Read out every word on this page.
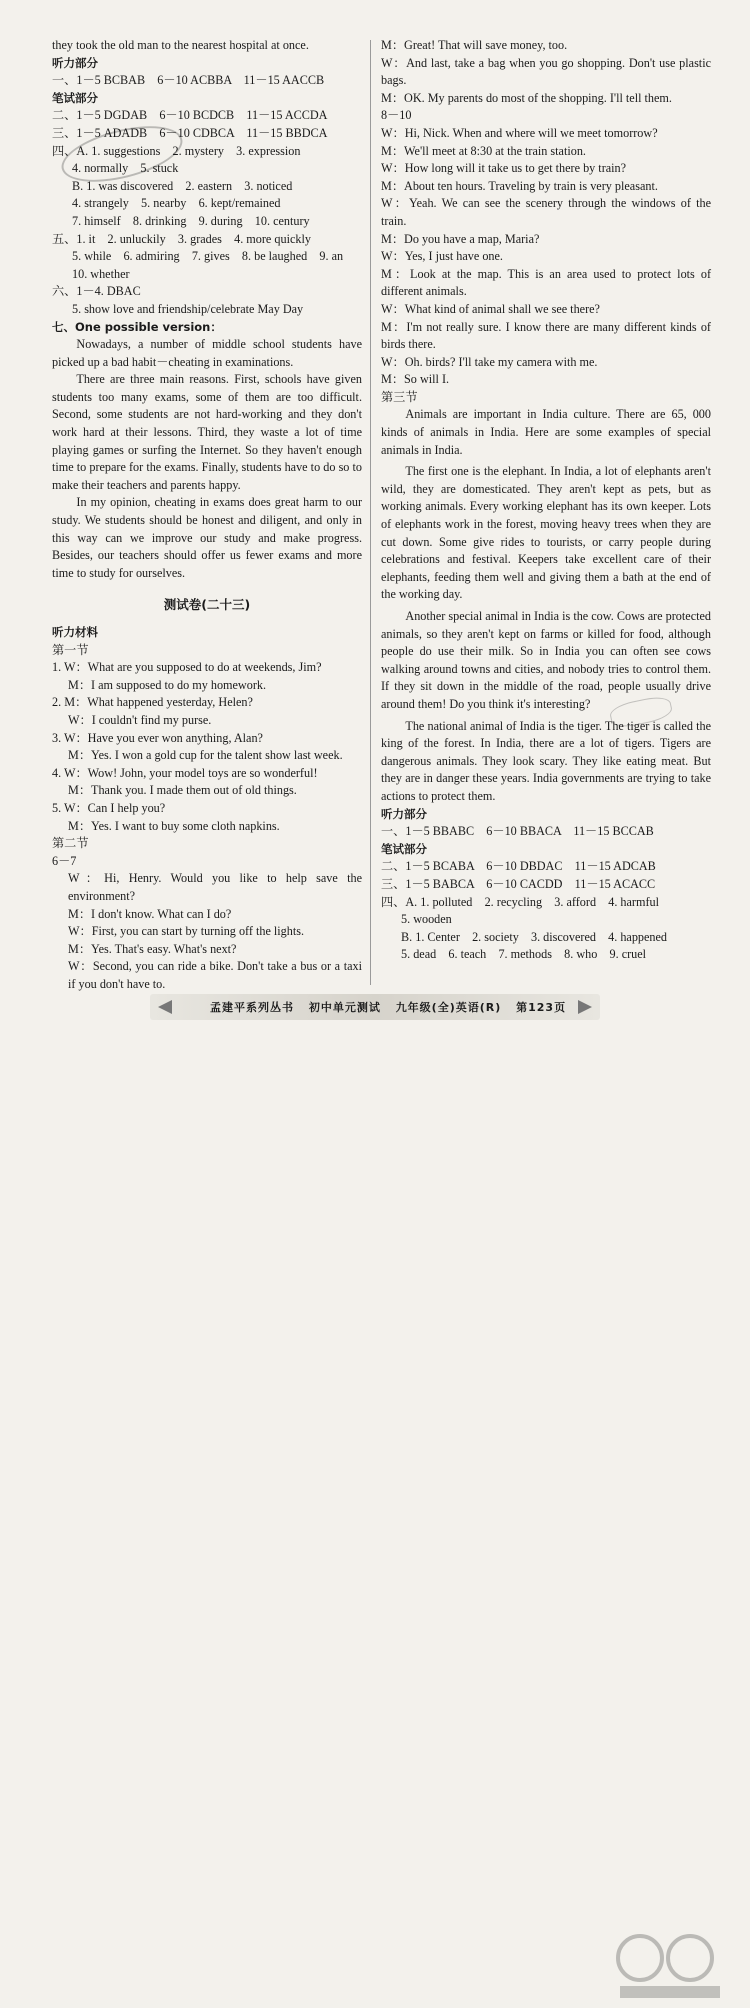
they took the old man to the nearest hospital at once.
听力部分
一、1－5 BCBAB　6－10 ACBBA　11－15 AACCB
笔试部分
二、1－5 DGDAB　6－10 BCDCB　11－15 ACCDA
三、1－5 ADADB　6－10 CDBCA　11－15 BBDCA
四、A. 1. suggestions　2. mystery　3. expression
4. normally　5. stuck
B. 1. was discovered　2. eastern　3. noticed
4. strangely　5. nearby　6. kept/remained
7. himself　8. drinking　9. during　10. century
五、1. it　2. unluckily　3. grades　4. more quickly
5. while　6. admiring　7. gives　8. be laughed　9. an
10. whether
六、1－4. DBAC
5. show love and friendship/celebrate May Day
七、One possible version：

Nowadays, a number of middle school students have picked up a bad habit－cheating in examinations.

There are three main reasons. First, schools have given students too many exams, some of them are too difficult. Second, some students are not hard-working and they don't work hard at their lessons. Third, they waste a lot of time playing games or surfing the Internet. So they haven't enough time to prepare for the exams. Finally, students have to do so to make their teachers and parents happy.

In my opinion, cheating in exams does great harm to our study. We students should be honest and diligent, and only in this way can we improve our study and make progress. Besides, our teachers should offer us fewer exams and more time to study for ourselves.

测试卷(二十三)
听力材料
第一节
1. W：What are you supposed to do at weekends, Jim?
M：I am supposed to do my homework.
2. M：What happened yesterday, Helen?
W：I couldn't find my purse.
3. W：Have you ever won anything, Alan?
M：Yes. I won a gold cup for the talent show last week.
4. W：Wow! John, your model toys are so wonderful!
M：Thank you. I made them out of old things.
5. W：Can I help you?
M：Yes. I want to buy some cloth napkins.
第二节
6－7
W：Hi, Henry. Would you like to help save the environment?
M：I don't know. What can I do?
W：First, you can start by turning off the lights.
M：Yes. That's easy. What's next?
W：Second, you can ride a bike. Don't take a bus or a taxi if you don't have to.
M：Great! That will save money, too.
W：And last, take a bag when you go shopping. Don't use plastic bags.
M：OK. My parents do most of the shopping. I'll tell them.
8－10
W：Hi, Nick. When and where will we meet tomorrow?
M：We'll meet at 8:30 at the train station.
W：How long will it take us to get there by train?
M：About ten hours. Traveling by train is very pleasant.
W：Yeah. We can see the scenery through the windows of the train.
M：Do you have a map, Maria?
W：Yes, I just have one.
M：Look at the map. This is an area used to protect lots of different animals.
W：What kind of animal shall we see there?
M：I'm not really sure. I know there are many different kinds of birds there.
W：Oh. birds? I'll take my camera with me.
M：So will I.
第三节

Animals are important in India culture. There are 65, 000 kinds of animals in India. Here are some examples of special animals in India.

The first one is the elephant. In India, a lot of elephants aren't wild, they are domesticated. They aren't kept as pets, but as working animals. Every working elephant has its own keeper. Lots of elephants work in the forest, moving heavy trees when they are cut down. Some give rides to tourists, or carry people during celebrations and festival. Keepers take excellent care of their elephants, feeding them well and giving them a bath at the end of the working day.

Another special animal in India is the cow. Cows are protected animals, so they aren't kept on farms or killed for food, although people do use their milk. So in India you can often see cows walking around towns and cities, and nobody tries to control them. If they sit down in the middle of the road, people usually drive around them! Do you think it's interesting?

The national animal of India is the tiger. The tiger is called the king of the forest. In India, there are a lot of tigers. Tigers are dangerous animals. They look scary. They like eating meat. But they are in danger these years. India governments are trying to take actions to protect them.

听力部分
一、1－5 BBABC　6－10 BBACA　11－15 BCCAB
笔试部分
二、1－5 BCABA　6－10 DBDAC　11－15 ADCAB
三、1－5 BABCA　6－10 CACDD　11－15 ACACC
四、A. 1. polluted　2. recycling　3. afford　4. harmful
5. wooden
B. 1. Center　2. society　3. discovered　4. happened
5. dead　6. teach　7. methods　8. who　9. cruel
孟建平系列丛书 初中单元测试 九年级(全)英语(R) 第123页
